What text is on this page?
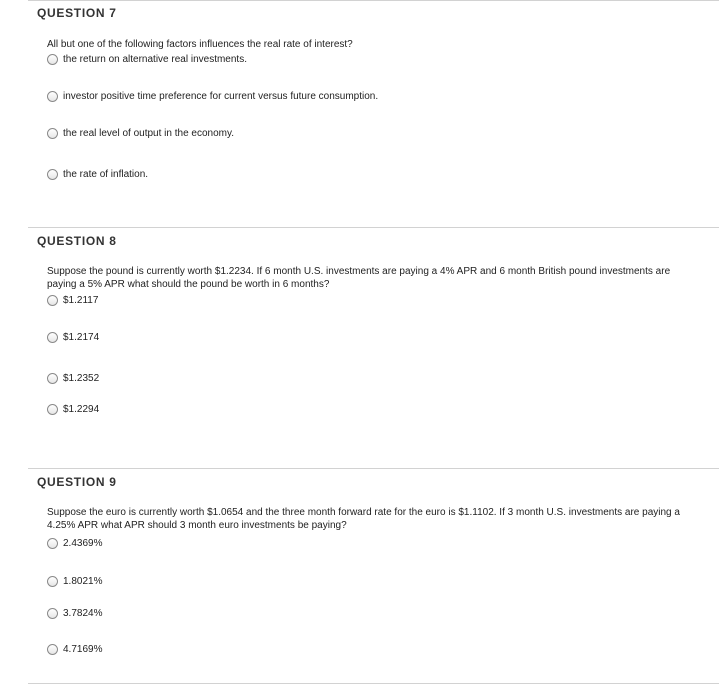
QUESTION 7

All but one of the following factors influences the real rate of interest?

the return on alternative real investments.
investor positive time preference for current versus future consumption.
the real level of output in the economy.
the rate of inflation.
QUESTION 8

Suppose the pound is currently worth $1.2234. If 6 month U.S. investments are paying a 4% APR and 6 month British pound investments are paying a 5% APR what should the pound be worth in 6 months?

$1.2117
$1.2174
$1.2352
$1.2294
QUESTION 9

Suppose the euro is currently worth $1.0654 and the three month forward rate for the euro is $1.1102. If 3 month U.S. investments are paying a 4.25% APR what APR should 3 month euro investments be paying?

2.4369%
1.8021%
3.7824%
4.7169%
